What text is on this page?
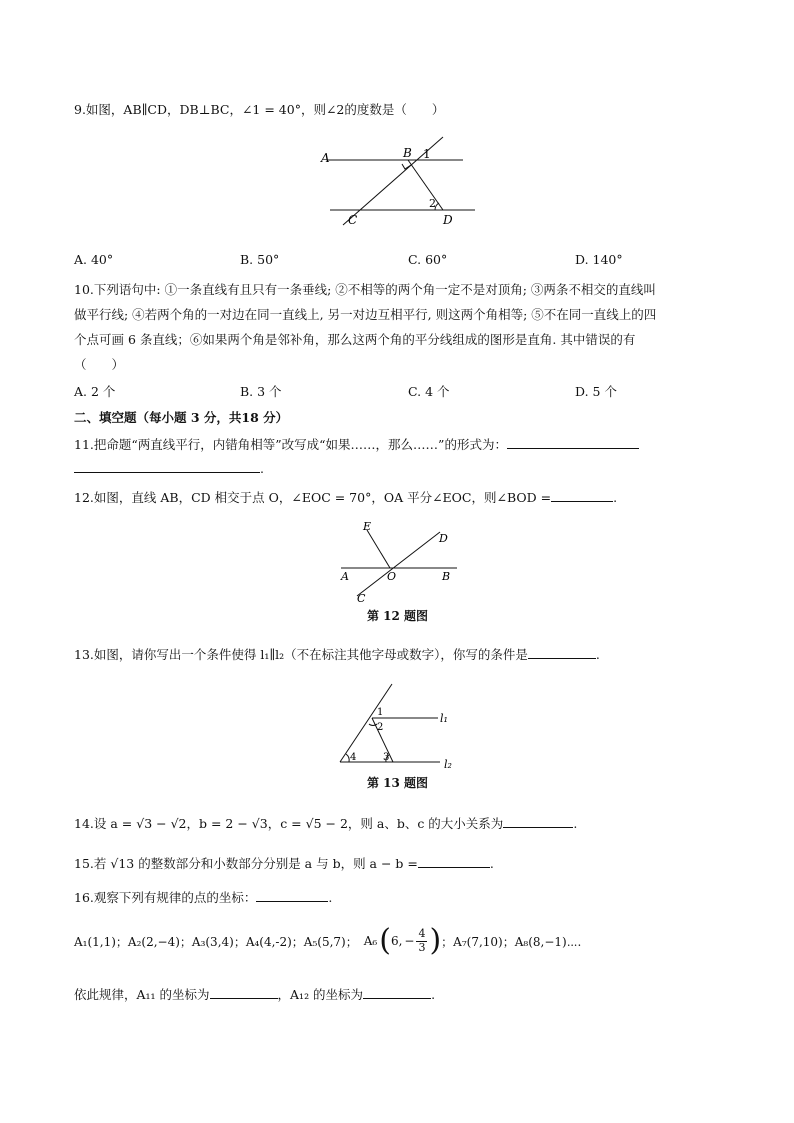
9.如图，AB∥CD，DB⊥BC，∠1 = 40°，则∠2的度数是（　　）
A	B 1
2
C	D
A. 40°	B. 50°	C. 60°	D. 140°
10.下列语句中: ①一条直线有且只有一条垂线; ②不相等的两个角一定不是对顶角; ③两条不相交的直线叫
做平行线; ④若两个角的一对边在同一直线上, 另一对边互相平行, 则这两个角相等; ⑤不在同一直线上的四
个点可画 6 条直线；⑥如果两个角是邻补角，那么这两个角的平分线组成的图形是直角. 其中错误的有
（　　）
A. 2 个	B. 3 个	C. 4 个	D. 5 个
二、填空题（每小题 3 分，共18 分）
11.把命题“两直线平行，内错角相等”改写成“如果……，那么……”的形式为：
.
12.如图，直线 AB，CD 相交于点 O，∠EOC = 70°，OA 平分∠EOC，则∠BOD =	.
E
D
A	O	B
C
第 12 题图
13.如图，请你写出一个条件使得 l₁∥l₂（不在标注其他字母或数字），你写的条件是	.
1
2
3
4
l₁
l₂
第 13 题图
14.设 a = √3 − √2，b = 2 − √3，c = √5 − 2，则 a、b、c 的大小关系为	.
15.若 √13 的整数部分和小数部分分别是 a 与 b，则 a − b =	.
16.观察下列有规律的点的坐标：	.
A₁(1,1)；A₂(2,−4)；A₃(3,4)；A₄(4,-2)；A₅(5,7)； A₆ ( 6, − $\frac{4}{3}$ ) ；A₇(7,10)；A₈(8,−1)⋯.
依此规律，A₁₁ 的坐标为	，A₁₂ 的坐标为	.
